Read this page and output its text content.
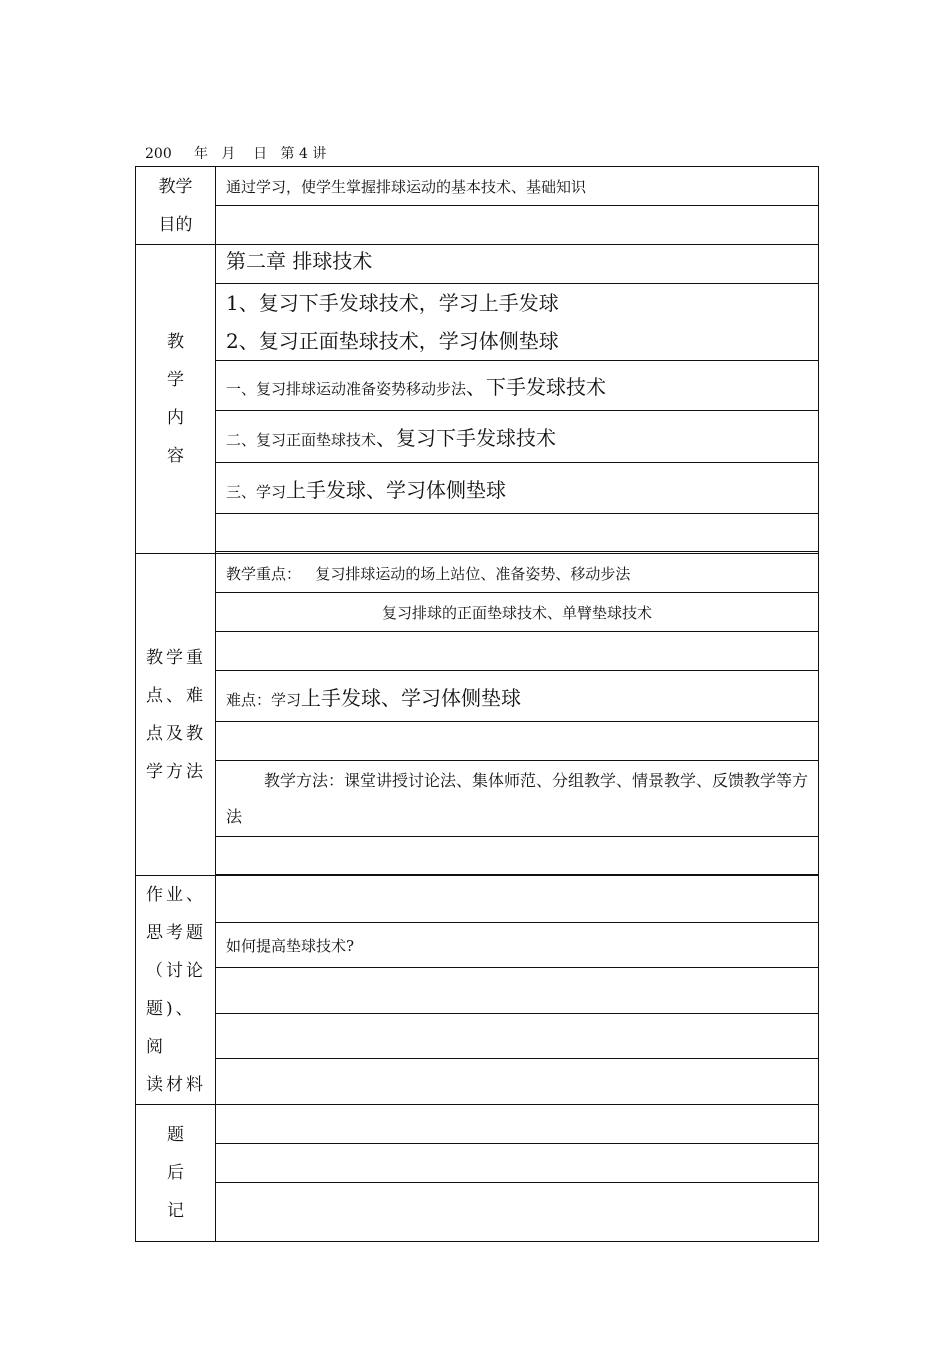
200 年 月 日 第 4 讲
教学
目的	通过学习，使学生掌握排球运动的基本技术、基础知识

教
学
内
容	第二章 排球技术

	1、复习下手发球技术，学习上手发球
2、复习正面垫球技术，学习体侧垫球

	一、复习排球运动准备姿势移动步法、下手发球技术
	二、复习正面垫球技术、复习下手发球技术
	三、学习上手发球、学习体侧垫球

教学重
点、难
点及教
学方法	教学重点： 复习排球运动的场上站位、准备姿势、移动步法
	复习排球的正面垫球技术、单臂垫球技术

	难点：学习上手发球、学习体侧垫球

	教学方法：课堂讲授讨论法、集体师范、分组教学、情景教学、反馈教学等方法

作业、
思考题
（讨论
题)、阅
读材料	

	如何提高垫球技术?

题
后
记	
